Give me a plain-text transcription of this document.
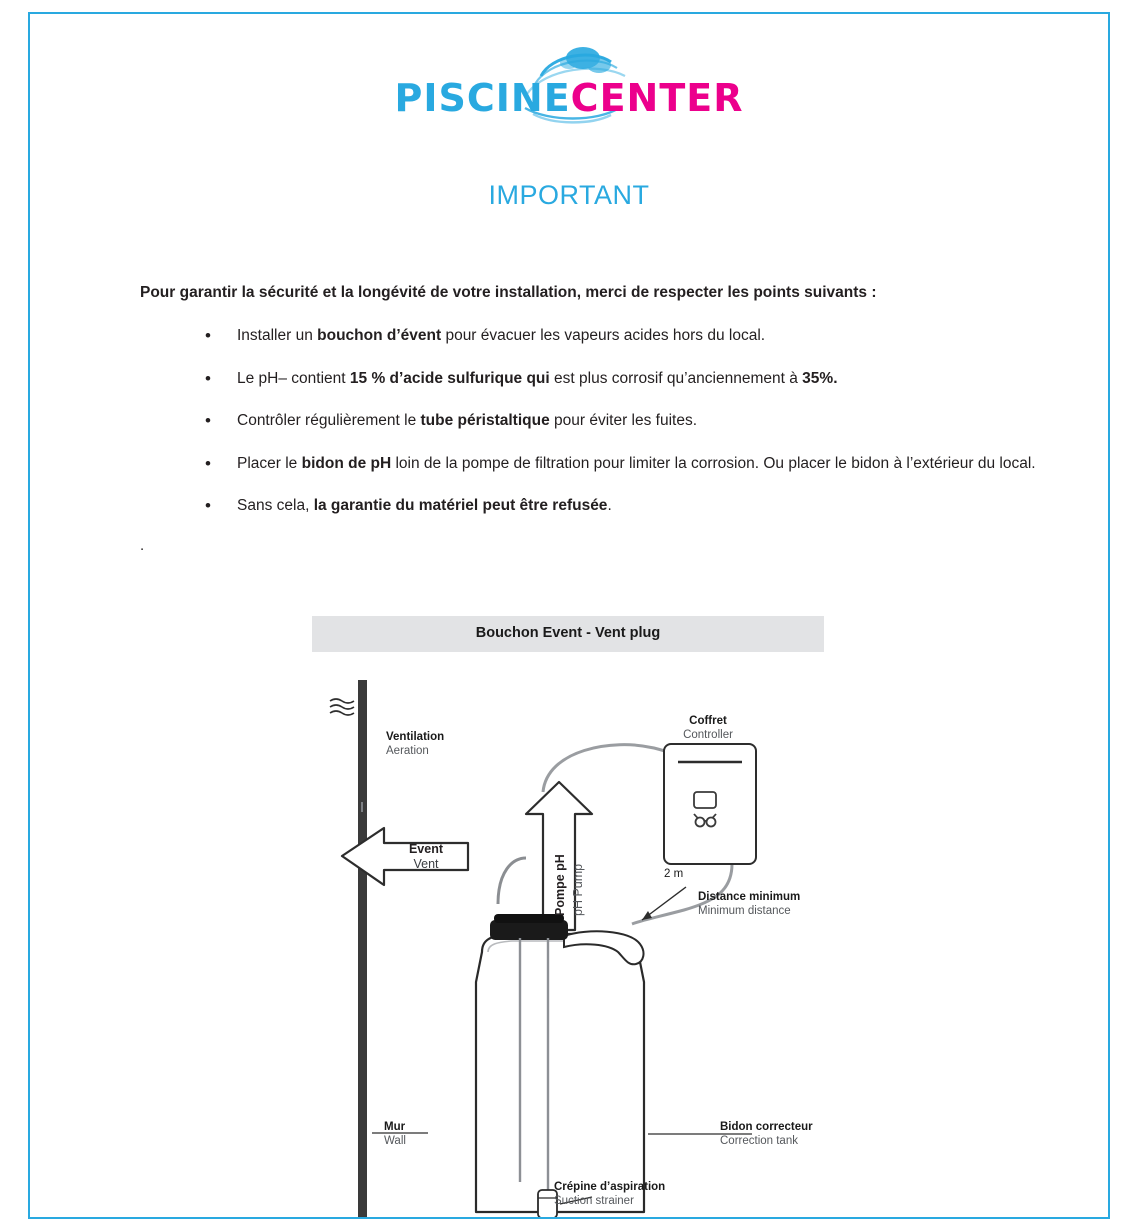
PISCINECENTER
IMPORTANT

Pour garantir la sécurité et la longévité de votre installation, merci de respecter les points suivants :

• Installer un bouchon d’évent pour évacuer les vapeurs acides hors du local.
• Le pH– contient 15 % d’acide sulfurique qui est plus corrosif qu’anciennement à 35%.
• Contrôler régulièrement le tube péristaltique pour éviter les fuites.
• Placer le bidon de pH loin de la pompe de filtration pour limiter la corrosion. Ou placer le bidon à l’extérieur du local.
• Sans cela, la garantie du matériel peut être refusée.
.
Bouchon Event - Vent plug
Ventilation
Aeration
Coffret
Controller
Event
Vent	Pompe pH pH Pump	2 m
Distance minimum
Minimum distance
Mur
Wall
Bidon correcteur
Correction tank
Crépine d’aspiration
Suction strainer
